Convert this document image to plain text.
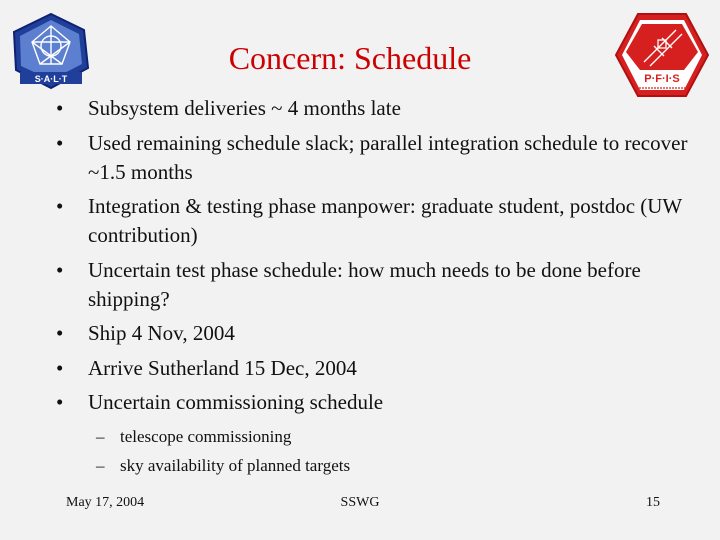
S·A·L·T	P·F·I·S
Concern: Schedule
• Subsystem deliveries ~ 4 months late
• Used remaining schedule slack; parallel integration schedule to recover ~1.5 months
• Integration & testing phase manpower: graduate student, postdoc (UW contribution)
• Uncertain test phase schedule: how much needs to be done before shipping?
• Ship 4 Nov, 2004
• Arrive Sutherland 15 Dec, 2004
• Uncertain commissioning schedule
– telescope commissioning
– sky availability of planned targets
May 17, 2004	SSWG	15
